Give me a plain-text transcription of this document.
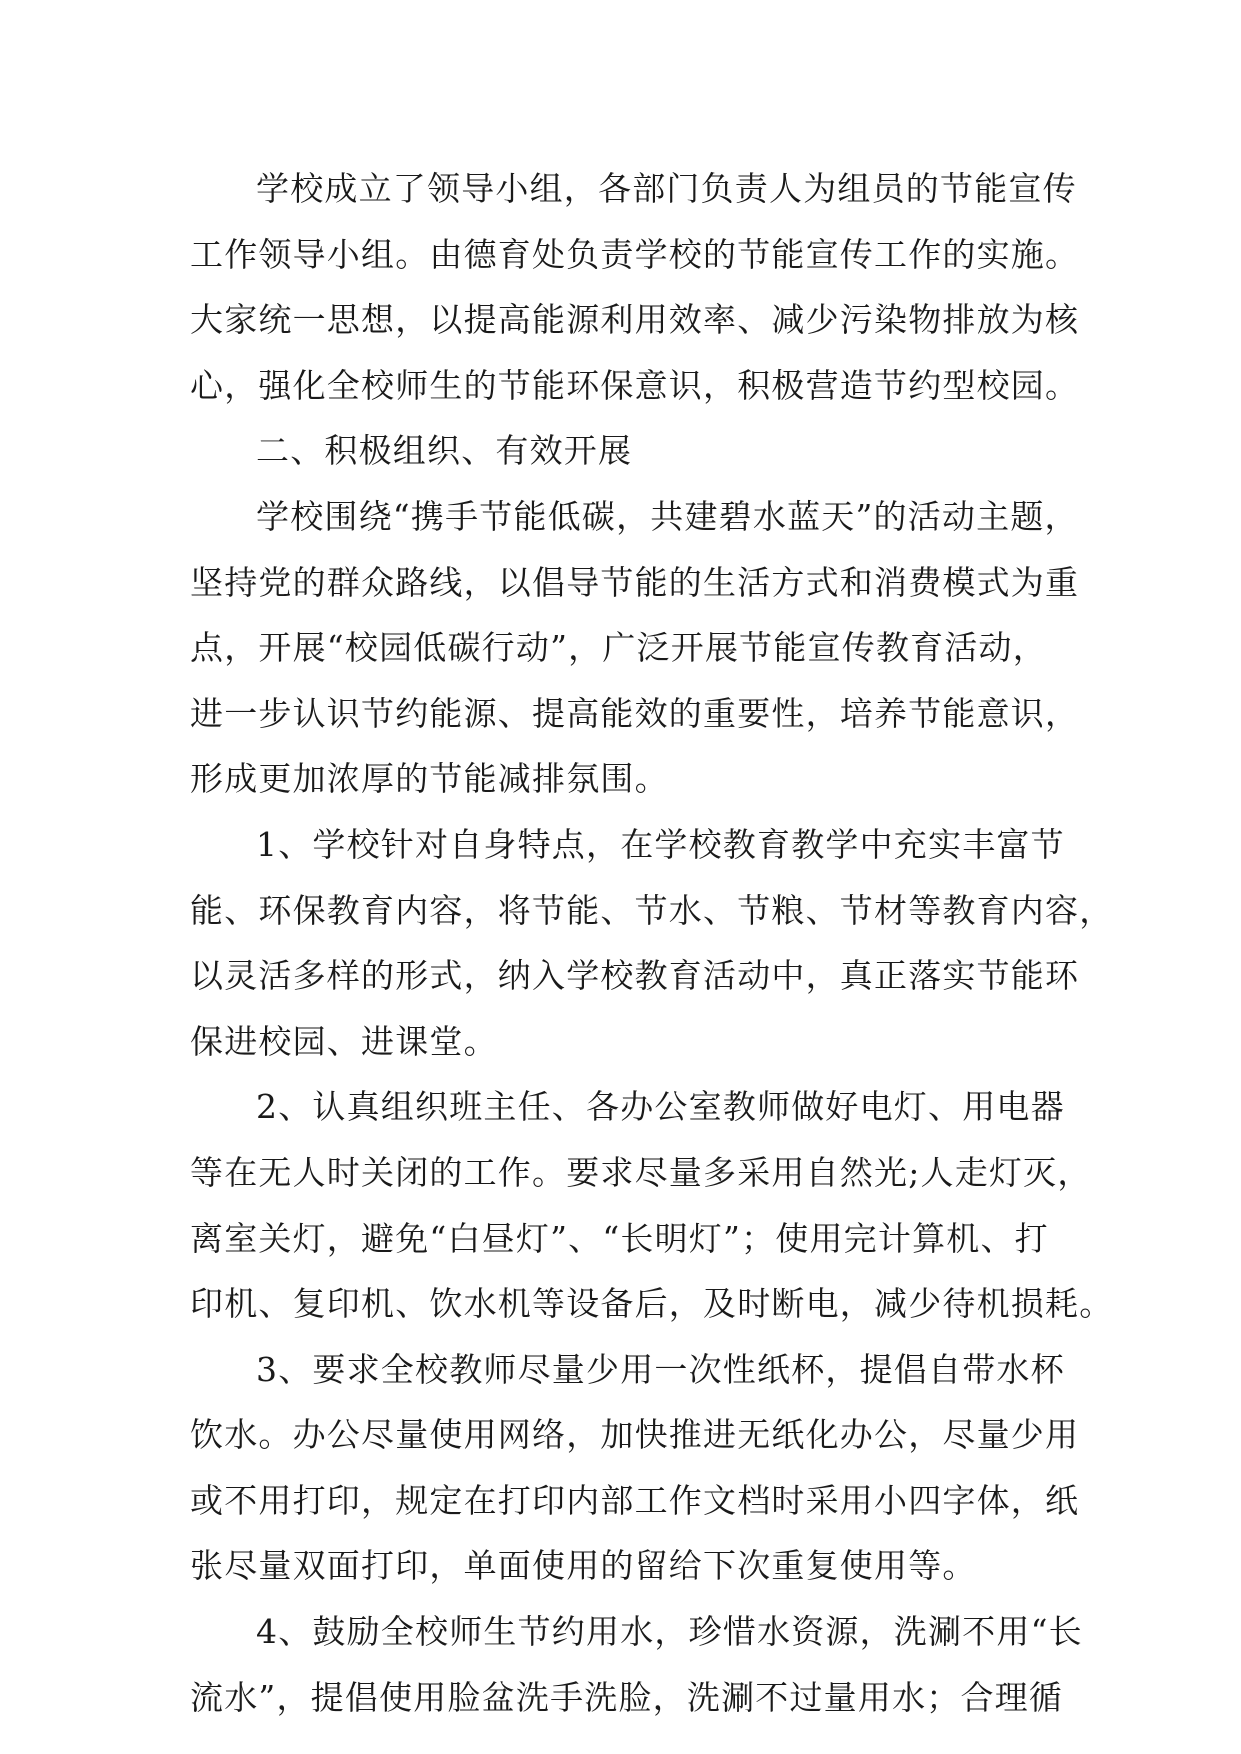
学校成立了领导小组，各部门负责人为组员的节能宣传
工作领导小组。由德育处负责学校的节能宣传工作的实施。
大家统一思想，以提高能源利用效率、减少污染物排放为核
心，强化全校师生的节能环保意识，积极营造节约型校园。
二、积极组织、有效开展
学校围绕“携手节能低碳，共建碧水蓝天”的活动主题，
坚持党的群众路线，以倡导节能的生活方式和消费模式为重
点，开展“校园低碳行动”，广泛开展节能宣传教育活动，
进一步认识节约能源、提高能效的重要性，培养节能意识，
形成更加浓厚的节能减排氛围。
1、学校针对自身特点，在学校教育教学中充实丰富节
能、环保教育内容，将节能、节水、节粮、节材等教育内容，
以灵活多样的形式，纳入学校教育活动中，真正落实节能环
保进校园、进课堂。
2、认真组织班主任、各办公室教师做好电灯、用电器
等在无人时关闭的工作。要求尽量多采用自然光;人走灯灭，
离室关灯，避免“白昼灯”、“长明灯”；使用完计算机、打
印机、复印机、饮水机等设备后，及时断电，减少待机损耗。
3、要求全校教师尽量少用一次性纸杯，提倡自带水杯
饮水。办公尽量使用网络，加快推进无纸化办公，尽量少用
或不用打印，规定在打印内部工作文档时采用小四字体，纸
张尽量双面打印，单面使用的留给下次重复使用等。
4、鼓励全校师生节约用水，珍惜水资源，洗涮不用“长
流水”，提倡使用脸盆洗手洗脸，洗涮不过量用水；合理循
